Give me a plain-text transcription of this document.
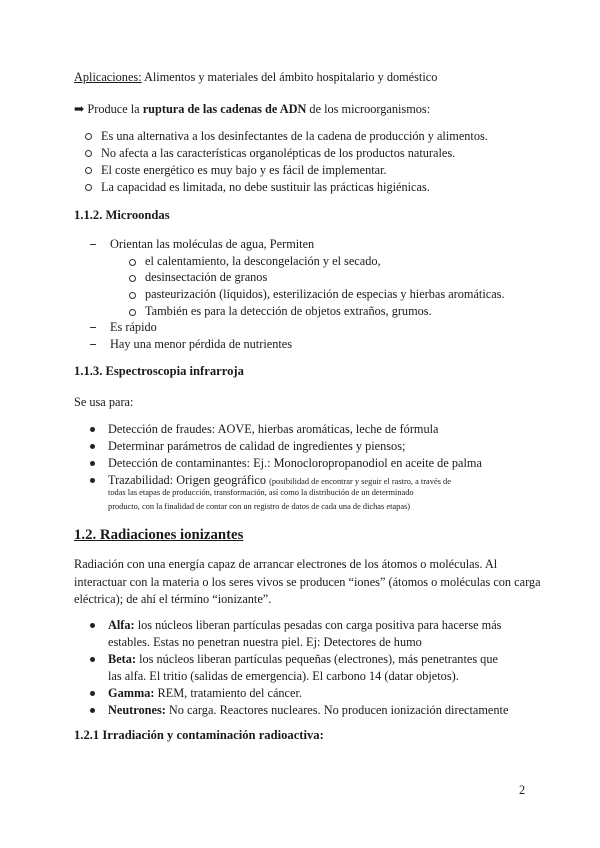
Aplicaciones: Alimentos y materiales del ámbito hospitalario y doméstico
➡ Produce la ruptura de las cadenas de ADN de los microorganismos:
Es una alternativa a los desinfectantes de la cadena de producción y alimentos.
No afecta a las características organolépticas de los productos naturales.
El coste energético es muy bajo y es fácil de implementar.
La capacidad es limitada, no debe sustituir las prácticas higiénicas.
1.1.2. Microondas
Orientan las moléculas de agua, Permiten
el calentamiento, la descongelación y el secado,
desinsectación de granos
pasteurización (líquidos), esterilización de especias y hierbas aromáticas.
También es para la detección de objetos extraños, grumos.
Es rápido
Hay una menor pérdida de nutrientes
1.1.3. Espectroscopia infrarroja
Se usa para:
Detección de fraudes: AOVE, hierbas aromáticas, leche de fórmula
Determinar parámetros de calidad de ingredientes y piensos;
Detección de contaminantes: Ej.: Monocloropropanodiol en aceite de palma
Trazabilidad: Origen geográfico (posibilidad de encontrar y seguir el rastro, a través de
todas las etapas de producción, transformación, así como la distribución de un determinado
producto, con la finalidad de contar con un registro de datos de cada una de dichas etapas)
1.2. Radiaciones ionizantes
Radiación con una energía capaz de arrancar electrones de los átomos o moléculas. Al interactuar con la materia o los seres vivos se producen “iones” (átomos o moléculas con carga eléctrica); de ahí el término “ionizante”.
Alfa: los núcleos liberan partículas pesadas con carga positiva para hacerse más
estables. Estas no penetran nuestra piel. Ej: Detectores de humo
Beta: los núcleos liberan partículas pequeñas (electrones), más penetrantes que
las alfa. El tritio (salidas de emergencia). El carbono 14 (datar objetos).
Gamma: REM, tratamiento del cáncer.
Neutrones: No carga. Reactores nucleares. No producen ionización directamente
1.2.1 Irradiación y contaminación radioactiva:
2
